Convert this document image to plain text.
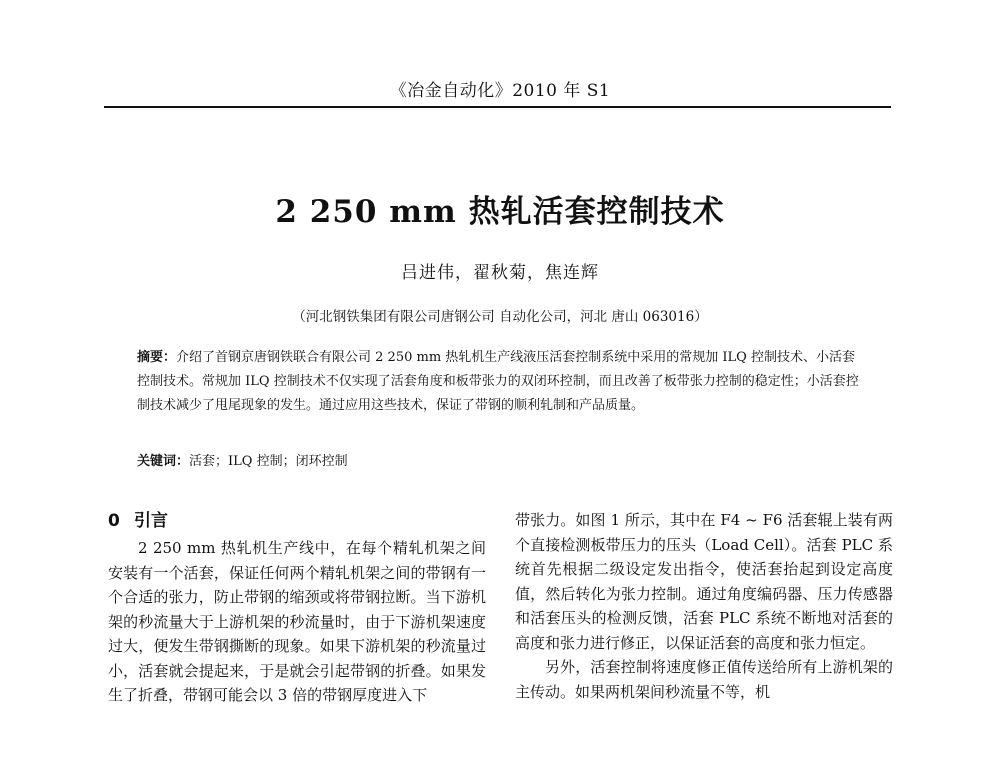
《冶金自动化》2010 年 S1
2 250 mm 热轧活套控制技术
吕进伟，翟秋菊，焦连辉
（河北钢铁集团有限公司唐钢公司 自动化公司，河北 唐山 063016）

摘要：介绍了首钢京唐钢铁联合有限公司 2 250 mm 热轧机生产线液压活套控制系统中采用的常规加 ILQ 控制技术、小活套控制技术。常规加 ILQ 控制技术不仅实现了活套角度和板带张力的双闭环控制，而且改善了板带张力控制的稳定性；小活套控制技术减少了甩尾现象的发生。通过应用这些技术，保证了带钢的顺利轧制和产品质量。

关键词：活套；ILQ 控制；闭环控制

0 引言

2 250 mm 热轧机生产线中，在每个精轧机架之间安装有一个活套，保证任何两个精轧机架之间的带钢有一个合适的张力，防止带钢的缩颈或将带钢拉断。当下游机架的秒流量大于上游机架的秒流量时，由于下游机架速度过大，便发生带钢撕断的现象。如果下游机架的秒流量过小，活套就会提起来，于是就会引起带钢的折叠。如果发生了折叠，带钢可能会以 3 倍的带钢厚度进入下

带张力。如图 1 所示，其中在 F4 ~ F6 活套辊上装有两个直接检测板带压力的压头（Load Cell）。活套 PLC 系统首先根据二级设定发出指令，使活套抬起到设定高度值，然后转化为张力控制。通过角度编码器、压力传感器和活套压头的检测反馈，活套 PLC 系统不断地对活套的高度和张力进行修正，以保证活套的高度和张力恒定。

另外，活套控制将速度修正值传送给所有上游机架的主传动。如果两机架间秒流量不等，机
